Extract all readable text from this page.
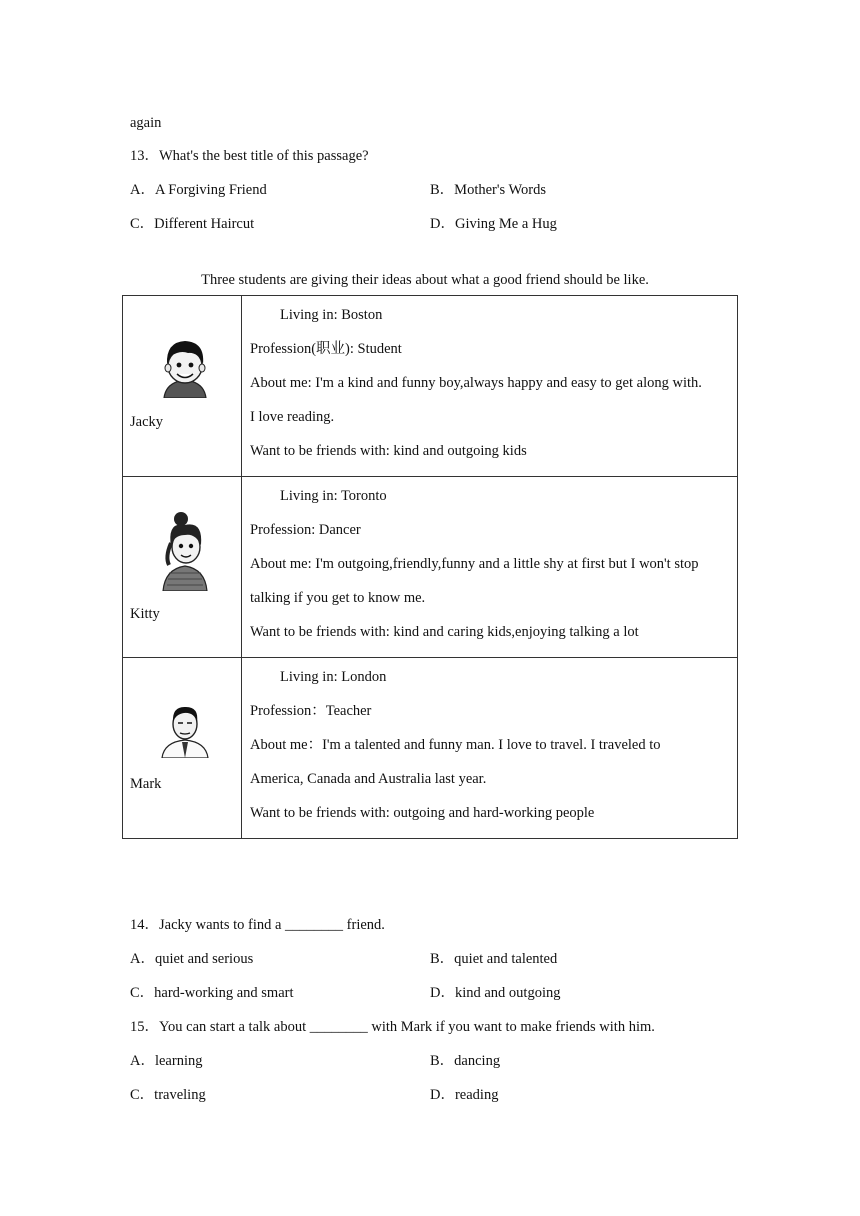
again
13．What's the best title of this passage?
A．A Forgiving Friend	B．Mother's Words
C．Different Haircut	D．Giving Me a Hug
Three students are giving their ideas about what a good friend should be like.
Jacky	Living in: Boston
Profession(职业): Student
About me: I'm a kind and funny boy,always happy and easy to get along with.
I love reading.
Want to be friends with: kind and outgoing kids

Kitty	Living in: Toronto
Profession: Dancer
About me: I'm outgoing,friendly,funny and a little shy at first but I won't stop
talking if you get to know me.
Want to be friends with: kind and caring kids,enjoying talking a lot

Mark	Living in: London
Profession：Teacher
About me：I'm a talented and funny man. I love to travel. I traveled to
America, Canada and Australia last year.
Want to be friends with: outgoing and hard-working people
14．Jacky wants to find a ________ friend.
A．quiet and serious	B．quiet and talented
C．hard-working and smart	D．kind and outgoing
15．You can start a talk about ________ with Mark if you want to make friends with him.
A．learning	B．dancing
C．traveling	D．reading
